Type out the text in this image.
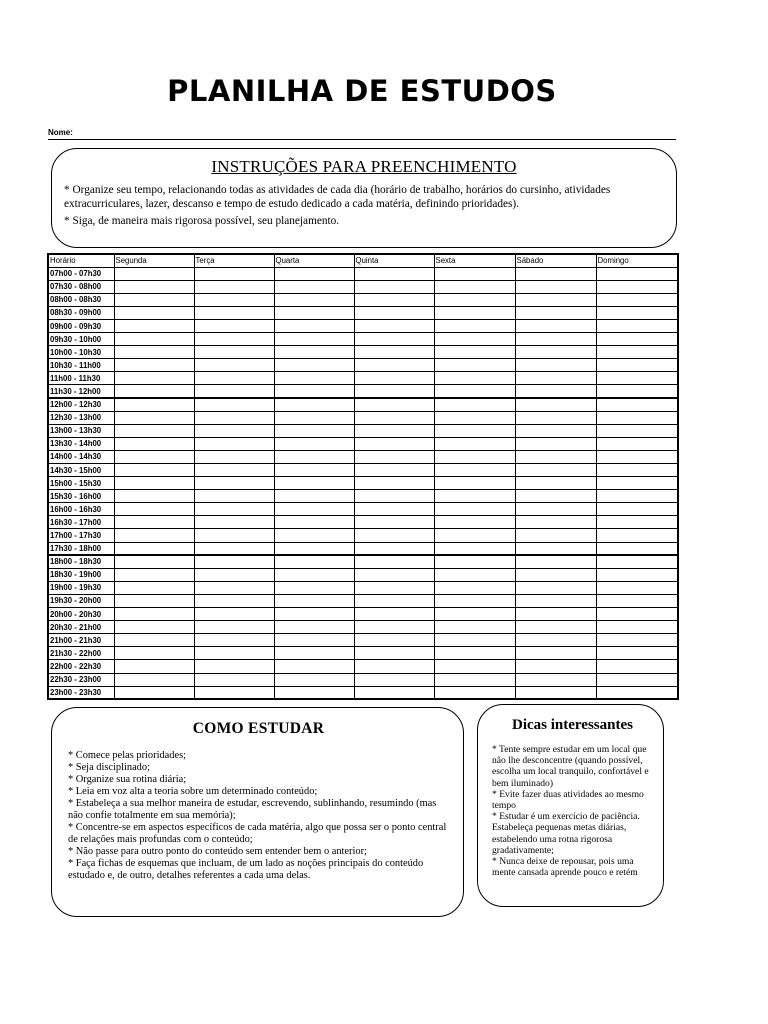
PLANILHA DE ESTUDOS
Nome:
INSTRUÇÕES PARA PREENCHIMENTO

* Organize seu tempo, relacionando todas as atividades de cada dia (horário de trabalho, horários do cursinho, atividades extracurriculares, lazer, descanso e tempo de estudo dedicado a cada matéria, definindo prioridades).

* Siga, de maneira mais rigorosa possível, seu planejamento.

Horário	Segunda	Terça	Quarta	Quinta	Sexta	Sábado	Domingo
07h00 - 07h30							
07h30 - 08h00							
08h00 - 08h30							
08h30 - 09h00							
09h00 - 09h30							
09h30 - 10h00							
10h00 - 10h30							
10h30 - 11h00							
11h00 - 11h30							
11h30 - 12h00							
12h00 - 12h30							
12h30 - 13h00							
13h00 - 13h30							
13h30 - 14h00							
14h00 - 14h30							
14h30 - 15h00							
15h00 - 15h30							
15h30 - 16h00							
16h00 - 16h30							
16h30 - 17h00							
17h00 - 17h30							
17h30 - 18h00							
18h00 - 18h30							
18h30 - 19h00							
19h00 - 19h30							
19h30 - 20h00							
20h00 - 20h30							
20h30 - 21h00							
21h00 - 21h30							
21h30 - 22h00							
22h00 - 22h30							
22h30 - 23h00							
23h00 - 23h30							
COMO ESTUDAR
* Comece pelas prioridades;
* Seja disciplinado;
* Organize sua rotina diária;
* Leia em voz alta a teoria sobre um determinado conteúdo;
* Estabeleça a sua melhor maneira de estudar, escrevendo, sublinhando, resumindo (mas não confie totalmente em sua memória);
* Concentre-se em aspectos específicos de cada matéria, algo que possa ser o ponto central de relações mais profundas com o conteúdo;
* Não passe para outro ponto do conteúdo sem entender bem o anterior;
* Faça fichas de esquemas que incluam, de um lado as noções principais do conteúdo estudado e, de outro, detalhes referentes a cada uma delas.
Dicas interessantes
* Tente sempre estudar em um local que não lhe desconcentre (quando possível, escolha um local tranquilo, confortável e bem iluminado)
* Evite fazer duas atividades ao mesmo tempo
* Estudar é um exercício de paciência. Estabeleça pequenas metas diárias, estabelendo uma rotna rigorosa gradativamente;
* Nunca deixe de repousar, pois uma mente cansada aprende pouco e retém
